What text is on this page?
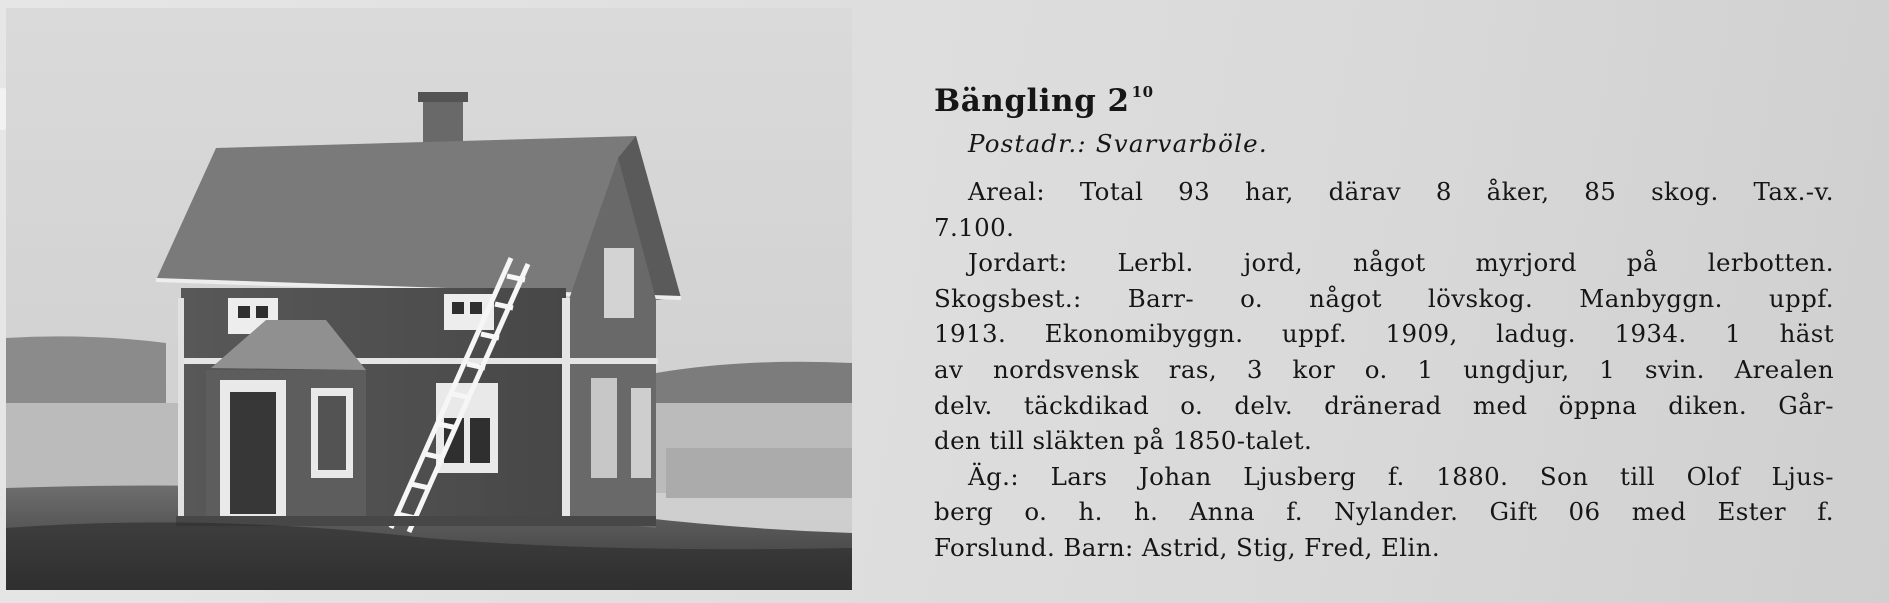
Bängling 2 $^{10}$
Postadr.: Svarvarböle.
Areal: Total 93 har, därav 8 åker, 85 skog. Tax.-v.
7.100.
Jordart: Lerbl. jord, något myrjord på lerbotten.
Skogsbest.: Barr- o. något lövskog. Manbyggn. uppf.
1913. Ekonomibyggn. uppf. 1909, ladug. 1934. 1 häst
av nordsvensk ras, 3 kor o. 1 ungdjur, 1 svin. Arealen
delv. täckdikad o. delv. dränerad med öppna diken. Går-
den till släkten på 1850-talet.
Äg.: Lars Johan Ljusberg f. 1880. Son till Olof Ljus-
berg o. h. h. Anna f. Nylander. Gift 06 med Ester f.
Forslund. Barn: Astrid, Stig, Fred, Elin.
